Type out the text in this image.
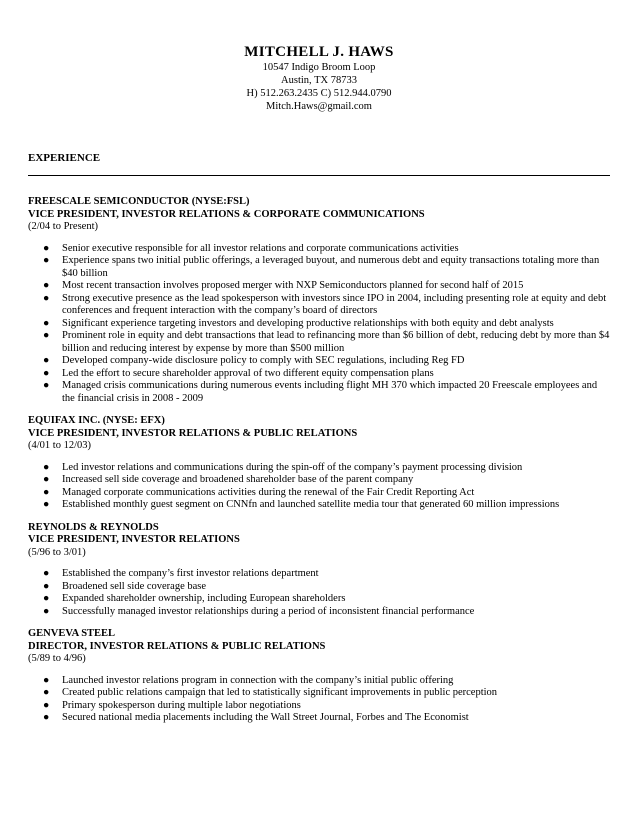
MITCHELL J. HAWS
10547 Indigo Broom Loop
Austin, TX 78733
H) 512.263.2435 C) 512.944.0790
Mitch.Haws@gmail.com
EXPERIENCE
FREESCALE SEMICONDUCTOR (NYSE:FSL)
VICE PRESIDENT, INVESTOR RELATIONS & CORPORATE COMMUNICATIONS
(2/04 to Present)
● Senior executive responsible for all investor relations and corporate communications activities
● Experience spans two initial public offerings, a leveraged buyout, and numerous debt and equity transactions totaling more than $40 billion
● Most recent transaction involves proposed merger with NXP Semiconductors planned for second half of 2015
● Strong executive presence as the lead spokesperson with investors since IPO in 2004, including presenting role at equity and debt conferences and frequent interaction with the company’s board of directors
● Significant experience targeting investors and developing productive relationships with both equity and debt analysts
● Prominent role in equity and debt transactions that lead to refinancing more than $6 billion of debt, reducing debt by more than $4 billion and reducing interest by expense by more than $500 million
● Developed company-wide disclosure policy to comply with SEC regulations, including Reg FD
● Led the effort to secure shareholder approval of two different equity compensation plans
● Managed crisis communications during numerous events including flight MH 370 which impacted 20 Freescale employees and the financial crisis in 2008 - 2009
EQUIFAX INC. (NYSE: EFX)
VICE PRESIDENT, INVESTOR RELATIONS & PUBLIC RELATIONS
(4/01 to 12/03)
● Led investor relations and communications during the spin-off of the company’s payment processing division
● Increased sell side coverage and broadened shareholder base of the parent company
● Managed corporate communications activities during the renewal of the Fair Credit Reporting Act
● Established monthly guest segment on CNNfn and launched satellite media tour that generated 60 million impressions
REYNOLDS & REYNOLDS
VICE PRESIDENT, INVESTOR RELATIONS
(5/96 to 3/01)
● Established the company’s first investor relations department
● Broadened sell side coverage base
● Expanded shareholder ownership, including European shareholders
● Successfully managed investor relationships during a period of inconsistent financial performance
GENVEVA STEEL
DIRECTOR, INVESTOR RELATIONS & PUBLIC RELATIONS
(5/89 to 4/96)
● Launched investor relations program in connection with the company’s initial public offering
● Created public relations campaign that led to statistically significant improvements in public perception
● Primary spokesperson during multiple labor negotiations
● Secured national media placements including the Wall Street Journal, Forbes and The Economist
